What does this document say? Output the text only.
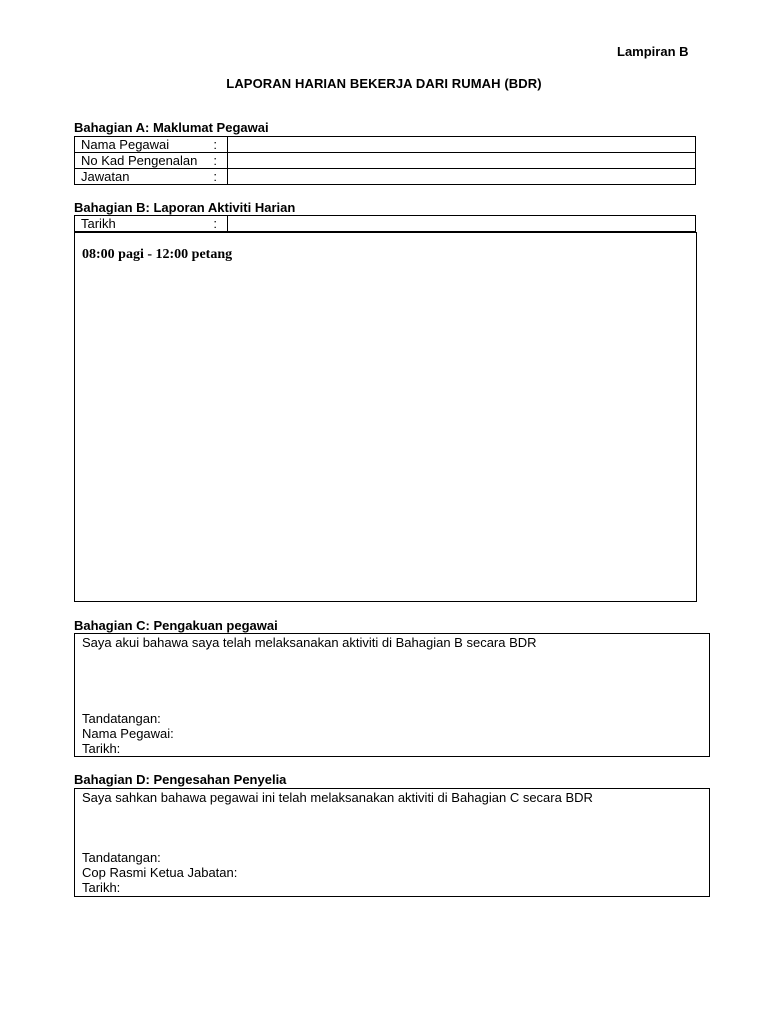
Lampiran B
LAPORAN HARIAN BEKERJA DARI RUMAH (BDR)
Bahagian A: Maklumat Pegawai
Nama Pegawai :	

No Kad Pengenalan :	

Jawatan :	

Bahagian B: Laporan Aktiviti Harian
Tarikh	:

08:00 pagi - 12:00 petang
Bahagian C: Pengakuan pegawai
Saya akui bahawa saya telah melaksanakan aktiviti di Bahagian B secara BDR
Tandatangan:
Nama Pegawai:
Tarikh:
Bahagian D: Pengesahan Penyelia
Saya sahkan bahawa pegawai ini telah melaksanakan aktiviti di Bahagian C secara BDR
Tandatangan:
Cop Rasmi Ketua Jabatan:
Tarikh:
